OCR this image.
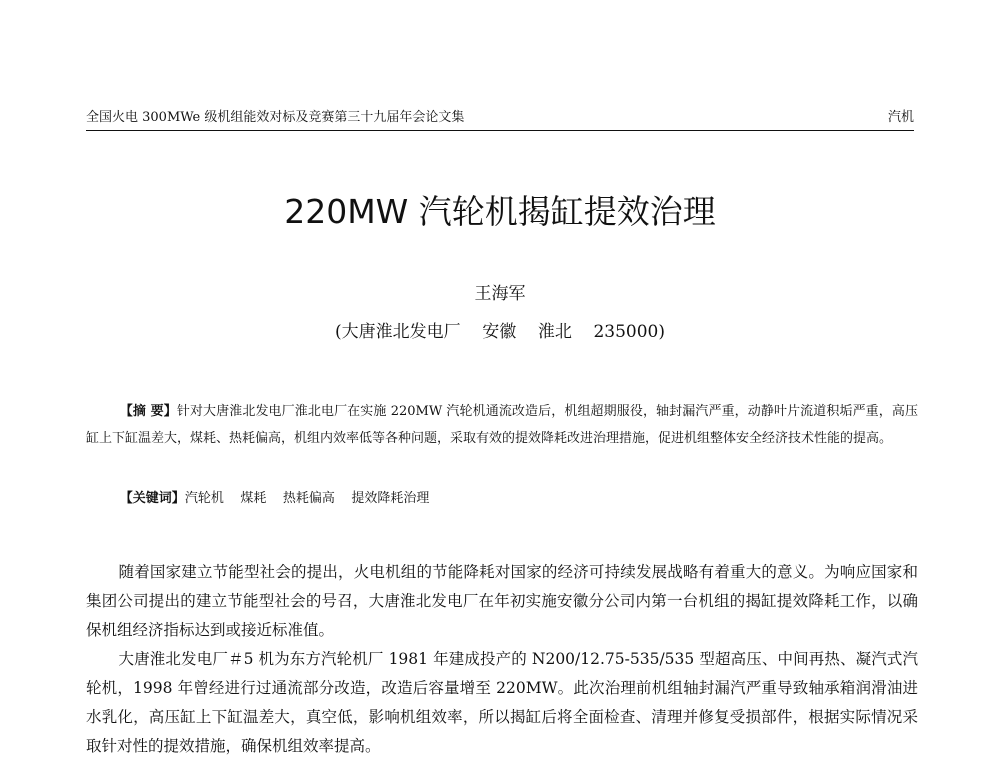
全国火电 300MWe 级机组能效对标及竞赛第三十九届年会论文集	汽机
220MW 汽轮机揭缸提效治理
王海军
(大唐淮北发电厂    安徽    淮北    235000)
【摘 要】针对大唐淮北发电厂淮北电厂在实施 220MW 汽轮机通流改造后，机组超期服役，轴封漏汽严重，动静叶片流道积垢严重，高压缸上下缸温差大，煤耗、热耗偏高，机组内效率低等各种问题，采取有效的提效降耗改进治理措施，促进机组整体安全经济技术性能的提高。
【关键词】汽轮机    煤耗    热耗偏高    提效降耗治理

随着国家建立节能型社会的提出，火电机组的节能降耗对国家的经济可持续发展战略有着重大的意义。为响应国家和集团公司提出的建立节能型社会的号召，大唐淮北发电厂在年初实施安徽分公司内第一台机组的揭缸提效降耗工作，以确保机组经济指标达到或接近标准值。

大唐淮北发电厂＃5 机为东方汽轮机厂 1981 年建成投产的 N200/12.75-535/535 型超高压、中间再热、凝汽式汽轮机，1998 年曾经进行过通流部分改造，改造后容量增至 220MW。此次治理前机组轴封漏汽严重导致轴承箱润滑油进水乳化，高压缸上下缸温差大，真空低，影响机组效率，所以揭缸后将全面检查、清理并修复受损部件，根据实际情况采取针对性的提效措施，确保机组效率提高。
